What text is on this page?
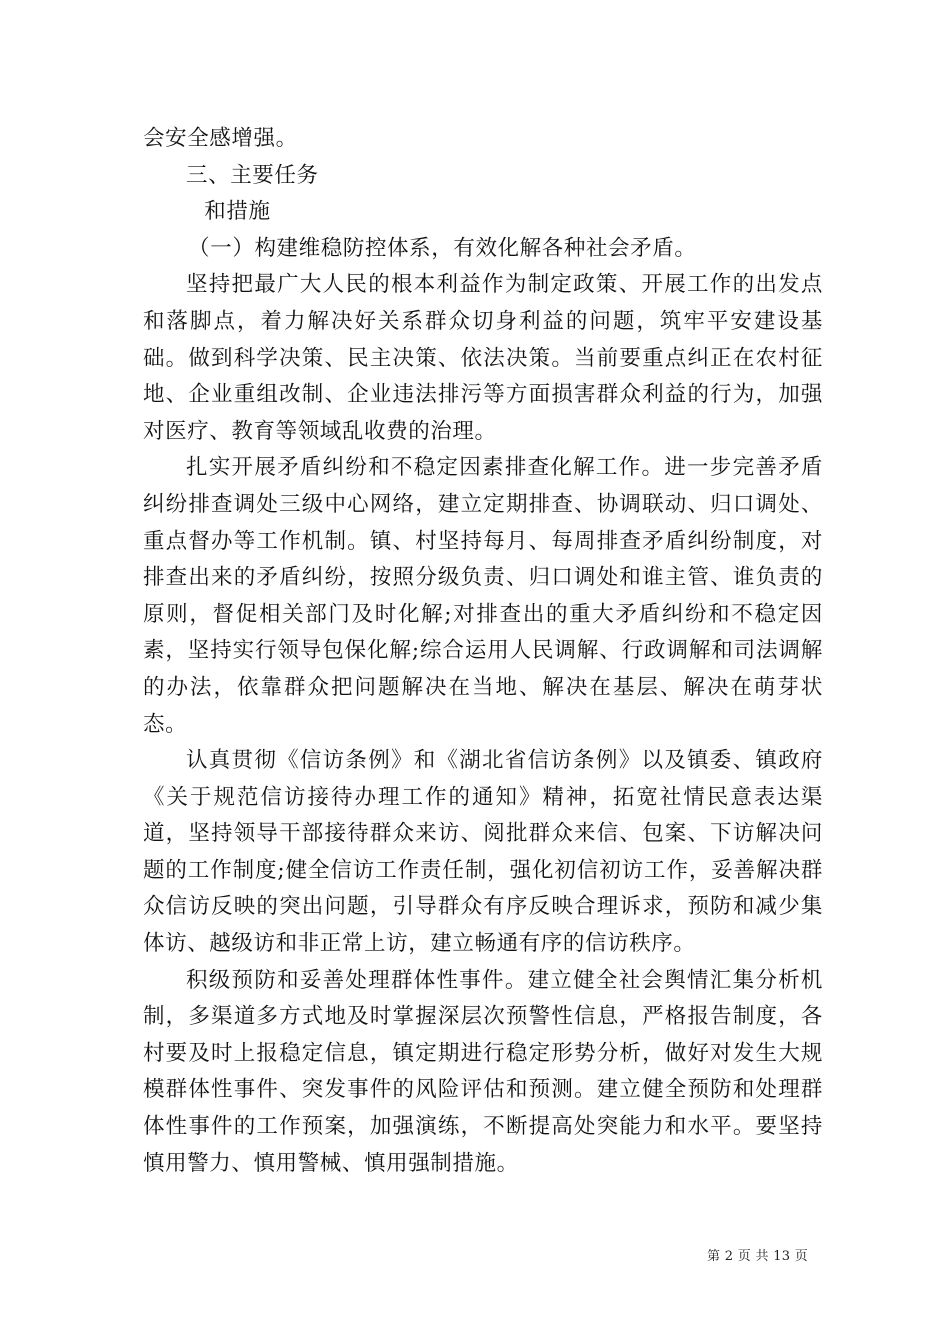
会安全感增强。

三、主要任务

和措施

（一）构建维稳防控体系，有效化解各种社会矛盾。

坚持把最广大人民的根本利益作为制定政策、开展工作的出发点和落脚点，着力解决好关系群众切身利益的问题，筑牢平安建设基础。做到科学决策、民主决策、依法决策。当前要重点纠正在农村征地、企业重组改制、企业违法排污等方面损害群众利益的行为，加强对医疗、教育等领域乱收费的治理。

扎实开展矛盾纠纷和不稳定因素排查化解工作。进一步完善矛盾纠纷排查调处三级中心网络，建立定期排查、协调联动、归口调处、重点督办等工作机制。镇、村坚持每月、每周排查矛盾纠纷制度，对排查出来的矛盾纠纷，按照分级负责、归口调处和谁主管、谁负责的原则，督促相关部门及时化解;对排查出的重大矛盾纠纷和不稳定因素，坚持实行领导包保化解;综合运用人民调解、行政调解和司法调解的办法，依靠群众把问题解决在当地、解决在基层、解决在萌芽状态。

认真贯彻《信访条例》和《湖北省信访条例》以及镇委、镇政府《关于规范信访接待办理工作的通知》精神，拓宽社情民意表达渠道，坚持领导干部接待群众来访、阅批群众来信、包案、下访解决问题的工作制度;健全信访工作责任制，强化初信初访工作，妥善解决群众信访反映的突出问题，引导群众有序反映合理诉求，预防和减少集体访、越级访和非正常上访，建立畅通有序的信访秩序。

积级预防和妥善处理群体性事件。建立健全社会舆情汇集分析机制，多渠道多方式地及时掌握深层次预警性信息，严格报告制度，各村要及时上报稳定信息，镇定期进行稳定形势分析，做好对发生大规模群体性事件、突发事件的风险评估和预测。建立健全预防和处理群体性事件的工作预案，加强演练，不断提高处突能力和水平。要坚持慎用警力、慎用警械、慎用强制措施。

第 2 页 共 13 页
